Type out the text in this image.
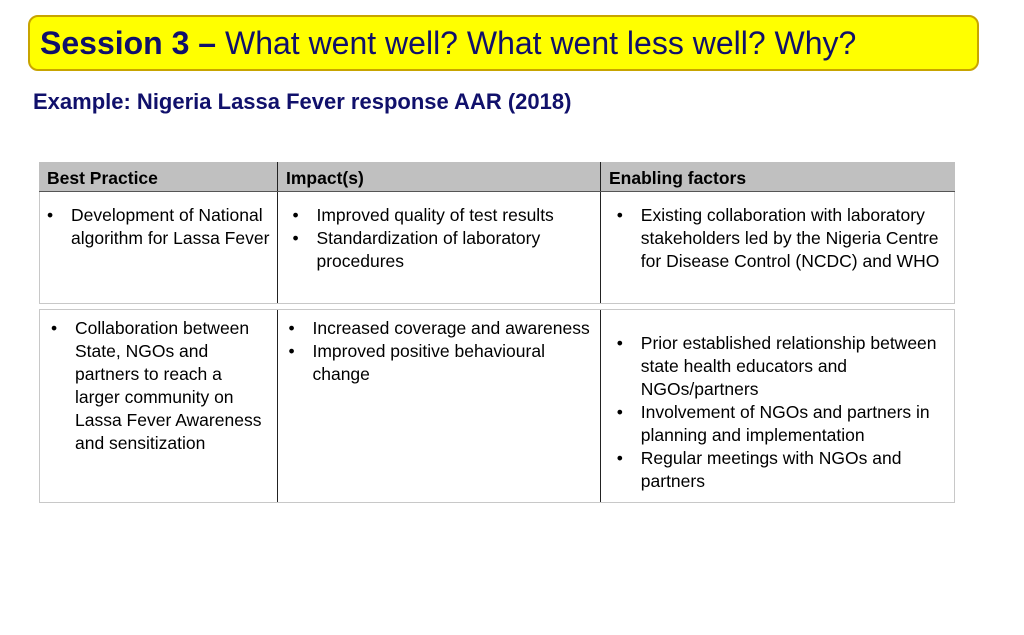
Session 3 – What went well? What went less well? Why?
Example: Nigeria Lassa Fever response AAR (2018)
Best Practice	Impact(s)	Enabling factors
• Development of National algorithm for Lassa Fever
• Improved quality of test results
• Standardization of laboratory procedures
• Existing collaboration with laboratory stakeholders led by the Nigeria Centre for Disease Control (NCDC) and WHO
• Collaboration between State, NGOs and partners to reach a larger community on Lassa Fever Awareness and sensitization
• Increased coverage and awareness
• Improved positive behavioural change
• Prior established relationship between state health educators and NGOs/partners
• Involvement of NGOs and partners in planning and implementation
• Regular meetings with NGOs and partners
